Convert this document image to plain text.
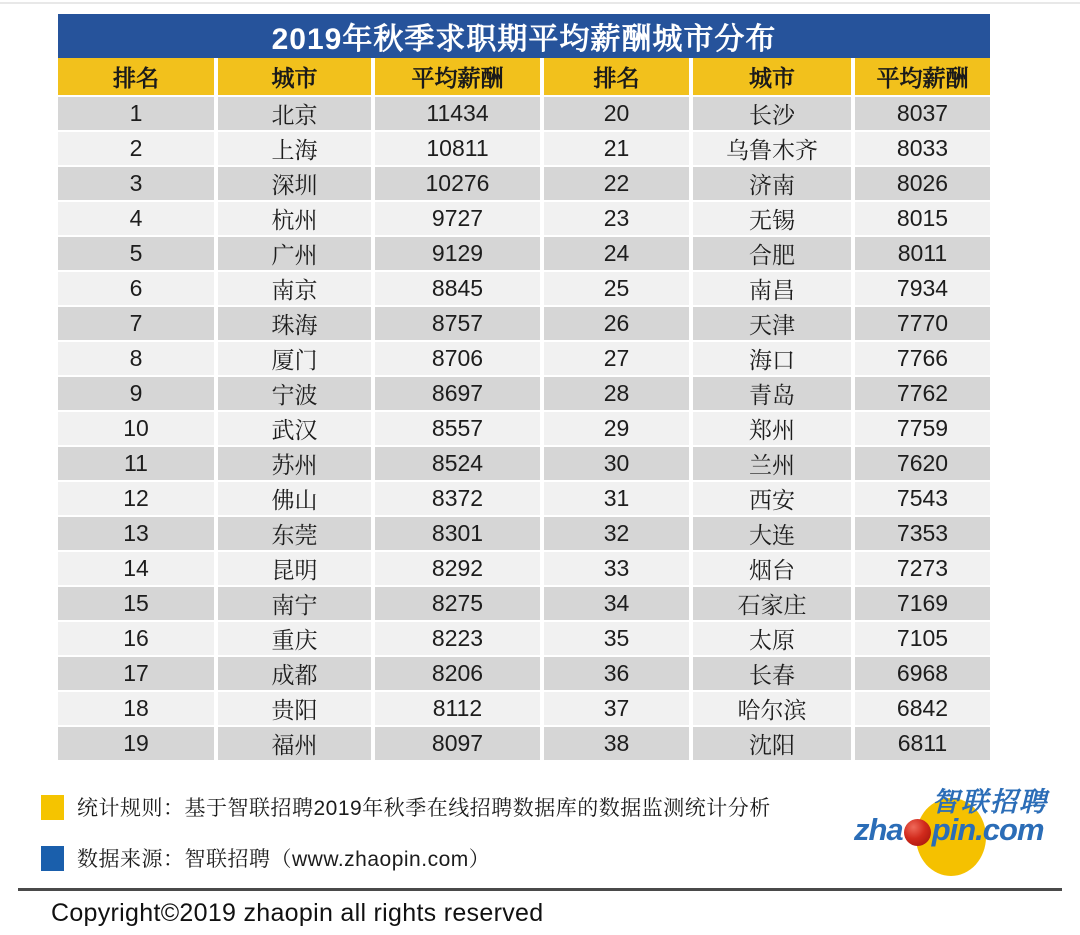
2019年秋季求职期平均薪酬城市分布
排名	城市	平均薪酬	排名	城市	平均薪酬
1	北京	11434	20	长沙	8037
2	上海	10811	21	乌鲁木齐	8033
3	深圳	10276	22	济南	8026
4	杭州	9727	23	无锡	8015
5	广州	9129	24	合肥	8011
6	南京	8845	25	南昌	7934
7	珠海	8757	26	天津	7770
8	厦门	8706	27	海口	7766
9	宁波	8697	28	青岛	7762
10	武汉	8557	29	郑州	7759
11	苏州	8524	30	兰州	7620
12	佛山	8372	31	西安	7543
13	东莞	8301	32	大连	7353
14	昆明	8292	33	烟台	7273
15	南宁	8275	34	石家庄	7169
16	重庆	8223	35	太原	7105
17	成都	8206	36	长春	6968
18	贵阳	8112	37	哈尔滨	6842
19	福州	8097	38	沈阳	6811
统计规则：基于智联招聘2019年秋季在线招聘数据库的数据监测统计分析
数据来源：智联招聘（www.zhaopin.com）
智联招聘
zha pin.com
Copyright©2019 zhaopin all rights reserved
